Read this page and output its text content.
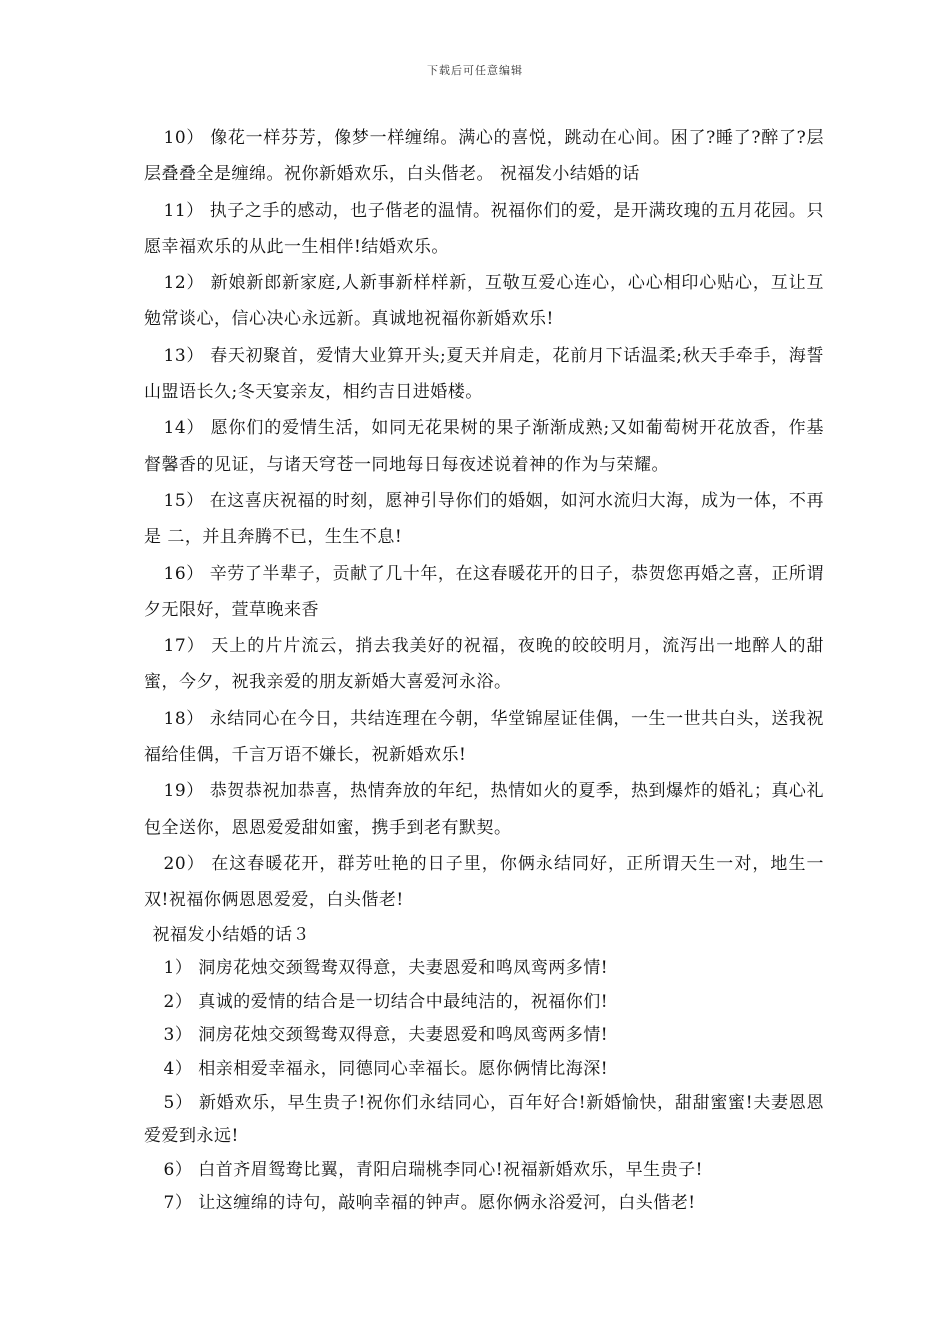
下载后可任意编辑

10） 像花一样芬芳，像梦一样缠绵。满心的喜悦，跳动在心间。困了?睡了?醉了?层层叠叠全是缠绵。祝你新婚欢乐，白头偕老。 祝福发小结婚的话

11） 执子之手的感动，也子偕老的温情。祝福你们的爱，是开满玫瑰的五月花园。只愿幸福欢乐的从此一生相伴!结婚欢乐。

12） 新娘新郎新家庭,人新事新样样新，互敬互爱心连心，心心相印心贴心，互让互勉常谈心，信心决心永远新。真诚地祝福你新婚欢乐!

13） 春天初聚首，爱情大业算开头;夏天并肩走，花前月下话温柔;秋天手牵手，海誓山盟语长久;冬天宴亲友，相约吉日进婚楼。

14） 愿你们的爱情生活，如同无花果树的果子渐渐成熟;又如葡萄树开花放香，作基督馨香的见证，与诸天穹苍一同地每日每夜述说着神的作为与荣耀。

15） 在这喜庆祝福的时刻，愿神引导你们的婚姻，如河水流归大海，成为一体，不再是 二，并且奔腾不已，生生不息!

16） 辛劳了半辈子，贡献了几十年，在这春暖花开的日子，恭贺您再婚之喜，正所谓 夕无限好，萱草晚来香

17） 天上的片片流云，捎去我美好的祝福，夜晚的皎皎明月，流泻出一地醉人的甜蜜，今夕，祝我亲爱的朋友新婚大喜爱河永浴。

18） 永结同心在今日，共结连理在今朝，华堂锦屋证佳偶，一生一世共白头，送我祝福给佳偶，千言万语不嫌长，祝新婚欢乐!

19） 恭贺恭祝加恭喜，热情奔放的年纪，热情如火的夏季，热到爆炸的婚礼；真心礼包全送你，恩恩爱爱甜如蜜，携手到老有默契。

20） 在这春暖花开，群芳吐艳的日子里，你俩永结同好，正所谓天生一对，地生一双!祝福你俩恩恩爱爱，白头偕老!

祝福发小结婚的话３

1） 洞房花烛交颈鸳鸯双得意，夫妻恩爱和鸣凤鸾两多情!

2） 真诚的爱情的结合是一切结合中最纯洁的，祝福你们!

3） 洞房花烛交颈鸳鸯双得意，夫妻恩爱和鸣凤鸾两多情!

4） 相亲相爱幸福永，同德同心幸福长。愿你俩情比海深!

5） 新婚欢乐，早生贵子!祝你们永结同心，百年好合!新婚愉快，甜甜蜜蜜!夫妻恩恩爱爱到永远!

6） 白首齐眉鸳鸯比翼，青阳启瑞桃李同心!祝福新婚欢乐，早生贵子!

7） 让这缠绵的诗句，敲响幸福的钟声。愿你俩永浴爱河，白头偕老!
